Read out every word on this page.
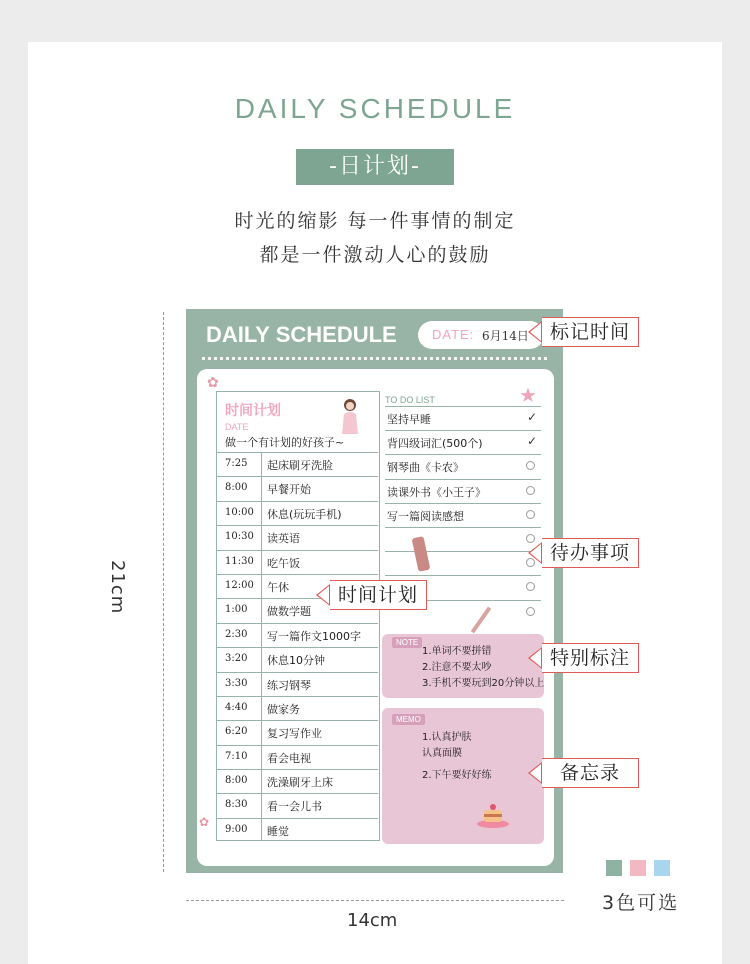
DAILY SCHEDULE
-日计划-
时光的缩影 每一件事情的制定
都是一件激动人心的鼓励
21cm
DAILY SCHEDULE	DATE: 6月14日
✿
✿
时间计划
DATE
做一个有计划的好孩子~
7:25 起床刷牙洗脸
8:00 早餐开始
10:00 休息(玩玩手机)
10:30 读英语
11:30 吃午饭
12:00 午休
1:00 做数学题
2:30 写一篇作文1000字
3:20 休息10分钟
3:30 练习钢琴
4:40 做家务
6:20 复习写作业
7:10 看会电视
8:00 洗澡刷牙上床
8:30 看一会儿书
9:00 睡觉
TO DO LIST	★
坚持早睡	✓
背四级词汇(500个)	✓
钢琴曲《卡农》
读课外书《小王子》
写一篇阅读感想
NOTE
1.单词不要拼错
2.注意不要太吵
3.手机不要玩到20分钟以上
MEMO
1.认真护肤
认真面膜
2.下午要好好练
标记时间
待办事项
时间计划
特别标注
备忘录
14cm
3色可选
